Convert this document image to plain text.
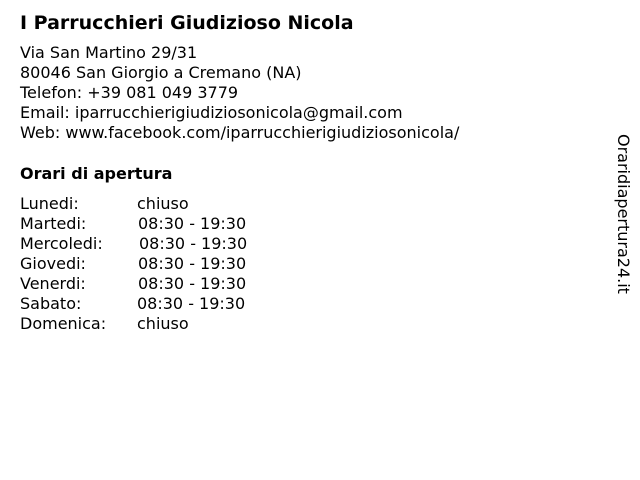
I Parrucchieri Giudizioso Nicola
Via San Martino 29/31
80046 San Giorgio a Cremano (NA)
Telefon: +39 081 049 3779
Email: iparrucchierigiudiziosonicola@gmail.com
Web: www.facebook.com/iparrucchierigiudiziosonicola/
Orari di apertura
Lunedi:	chiuso
Martedi:	08:30 - 19:30
Mercoledi: 08:30 - 19:30
Giovedi:	08:30 - 19:30
Venerdi:	08:30 - 19:30
Sabato:	08:30 - 19:30
Domenica: chiuso
Oraridiapertura24.it
